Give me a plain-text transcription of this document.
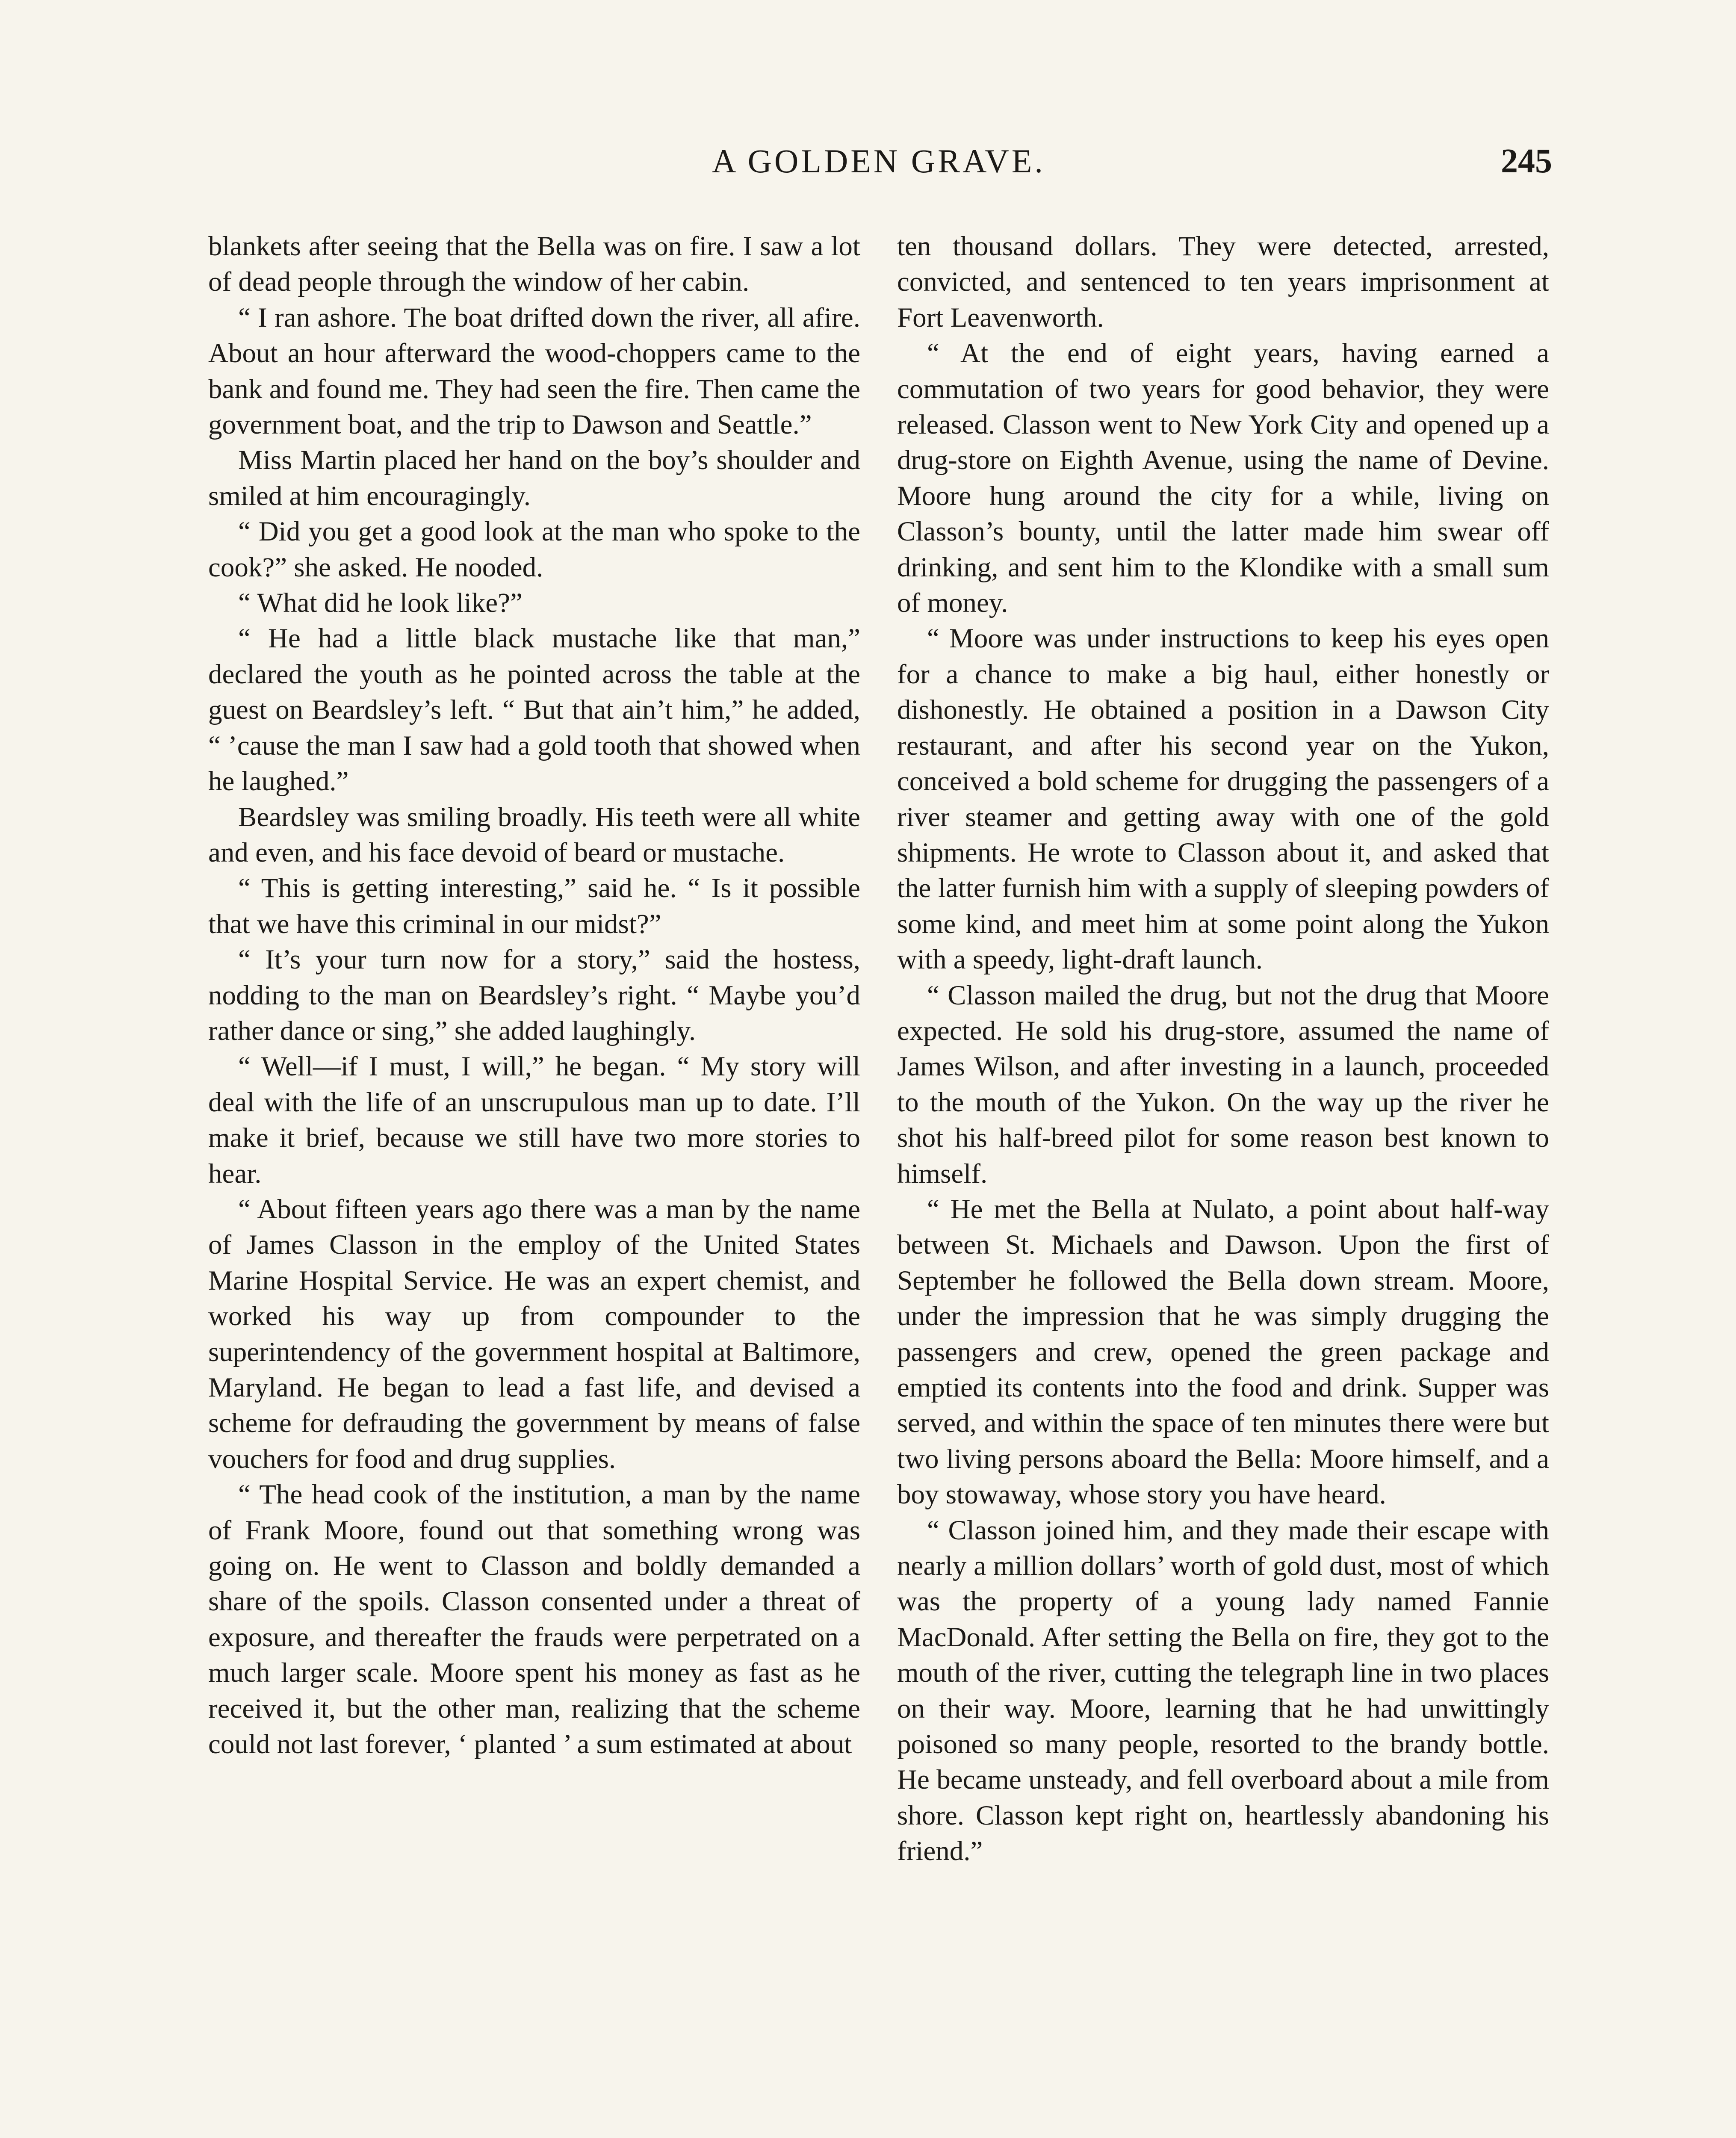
A GOLDEN GRAVE.	245

blankets after seeing that the Bella was on fire. I saw a lot of dead people through the window of her cabin.

“ I ran ashore. The boat drifted down the river, all afire. About an hour afterward the wood-choppers came to the bank and found me. They had seen the fire. Then came the government boat, and the trip to Dawson and Seattle.”

Miss Martin placed her hand on the boy’s shoulder and smiled at him encouragingly.

“ Did you get a good look at the man who spoke to the cook?” she asked. He nooded.

“ What did he look like?”

“ He had a little black mustache like that man,” declared the youth as he pointed across the table at the guest on Beardsley’s left. “ But that ain’t him,” he added, “ ’cause the man I saw had a gold tooth that showed when he laughed.”

Beardsley was smiling broadly. His teeth were all white and even, and his face devoid of beard or mustache.

“ This is getting interesting,” said he. “ Is it possible that we have this criminal in our midst?”

“ It’s your turn now for a story,” said the hostess, nodding to the man on Beardsley’s right. “ Maybe you’d rather dance or sing,” she added laughingly.

“ Well—if I must, I will,” he began. “ My story will deal with the life of an unscrupulous man up to date. I’ll make it brief, because we still have two more stories to hear.

“ About fifteen years ago there was a man by the name of James Classon in the employ of the United States Marine Hospital Service. He was an expert chemist, and worked his way up from compounder to the superintendency of the government hospital at Baltimore, Maryland. He began to lead a fast life, and devised a scheme for defrauding the government by means of false vouchers for food and drug supplies.

“ The head cook of the institution, a man by the name of Frank Moore, found out that something wrong was going on. He went to Classon and boldly demanded a share of the spoils. Classon consented under a threat of exposure, and thereafter the frauds were perpetrated on a much larger scale. Moore spent his money as fast as he received it, but the other man, realizing that the scheme could not last forever, ‘ planted ’ a sum estimated at about

ten thousand dollars. They were detected, arrested, convicted, and sentenced to ten years imprisonment at Fort Leavenworth.

“ At the end of eight years, having earned a commutation of two years for good behavior, they were released. Classon went to New York City and opened up a drug-store on Eighth Avenue, using the name of Devine. Moore hung around the city for a while, living on Classon’s bounty, until the latter made him swear off drinking, and sent him to the Klondike with a small sum of money.

“ Moore was under instructions to keep his eyes open for a chance to make a big haul, either honestly or dishonestly. He obtained a position in a Dawson City restaurant, and after his second year on the Yukon, conceived a bold scheme for drugging the passengers of a river steamer and getting away with one of the gold shipments. He wrote to Classon about it, and asked that the latter furnish him with a supply of sleeping powders of some kind, and meet him at some point along the Yukon with a speedy, light-draft launch.

“ Classon mailed the drug, but not the drug that Moore expected. He sold his drug-store, assumed the name of James Wilson, and after investing in a launch, proceeded to the mouth of the Yukon. On the way up the river he shot his half-breed pilot for some reason best known to himself.

“ He met the Bella at Nulato, a point about half-way between St. Michaels and Dawson. Upon the first of September he followed the Bella down stream. Moore, under the impression that he was simply drugging the passengers and crew, opened the green package and emptied its contents into the food and drink. Supper was served, and within the space of ten minutes there were but two living persons aboard the Bella: Moore himself, and a boy stowaway, whose story you have heard.

“ Classon joined him, and they made their escape with nearly a million dollars’ worth of gold dust, most of which was the property of a young lady named Fannie MacDonald. After setting the Bella on fire, they got to the mouth of the river, cutting the telegraph line in two places on their way. Moore, learning that he had unwittingly poisoned so many people, resorted to the brandy bottle. He became unsteady, and fell overboard about a mile from shore. Classon kept right on, heartlessly abandoning his friend.”
